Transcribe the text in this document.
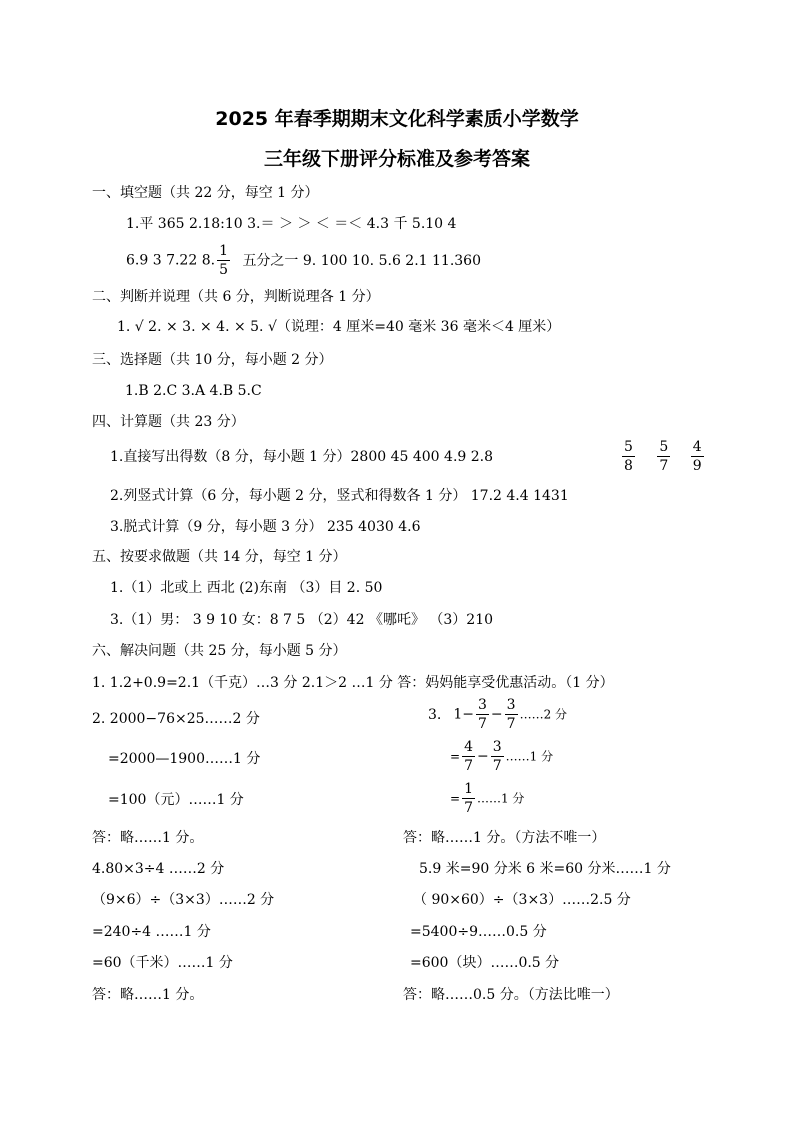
2025 年春季期期末文化科学素质小学数学
三年级下册评分标准及参考答案
一、填空题（共 22 分，每空 1 分）
1.平 365 2.18:10 3.＝ ＞ ＞ ＜ ＝＜ 4.3 千 5.10 4
6.9 3 7.22 8. $\frac{1}{5}$ 五分之一 9. 100 10. 5.6 2.1 11.360
二、判断并说理（共 6 分，判断说理各 1 分）
1. √ 2. × 3. × 4. × 5. √（说理：4 厘米=40 毫米 36 毫米＜4 厘米）
三、选择题（共 10 分，每小题 2 分）
1.B 2.C 3.A 4.B 5.C
四、计算题（共 23 分）
1.直接写出得数（8 分，每小题 1 分）2800 45 400 4.9 2.8	$\frac{5}{8}$
$\frac{5}{7}$
$\frac{4}{9}$
2.列竖式计算（6 分，每小题 2 分，竖式和得数各 1 分） 17.2 4.4 1431
3.脱式计算（9 分，每小题 3 分） 235 4030 4.6
五、按要求做题（共 14 分，每空 1 分）
1.（1）北或上 西北 (2)东南 （3）目 2. 50
3.（1）男： 3 9 10 女：8 7 5 （2）42 《哪吒》 （3）210
六、解决问题（共 25 分，每小题 5 分）
1. 1.2+0.9=2.1（千克）…3 分 2.1＞2 …1 分 答：妈妈能享受优惠活动。（1 分）
2. 2000−76×25……2 分
=2000—1900……1 分
=100（元）……1 分
答：略……1 分。
3. $1- \frac{3}{7} - \frac{3}{7}$ ……2 分
= $\frac{4}{7} - \frac{3}{7}$ ……1 分
= $\frac{1}{7}$ ……1 分
答：略……1 分。（方法不唯一）
4.80×3÷4 ……2 分
（9×6）÷（3×3）……2 分
=240÷4 ……1 分
=60（千米）……1 分
答：略……1 分。
5.9 米=90 分米 6 米=60 分米……1 分
（ 90×60）÷（3×3）……2.5 分
=5400÷9……0.5 分
=600（块）……0.5 分
答：略……0.5 分。（方法比唯一）
